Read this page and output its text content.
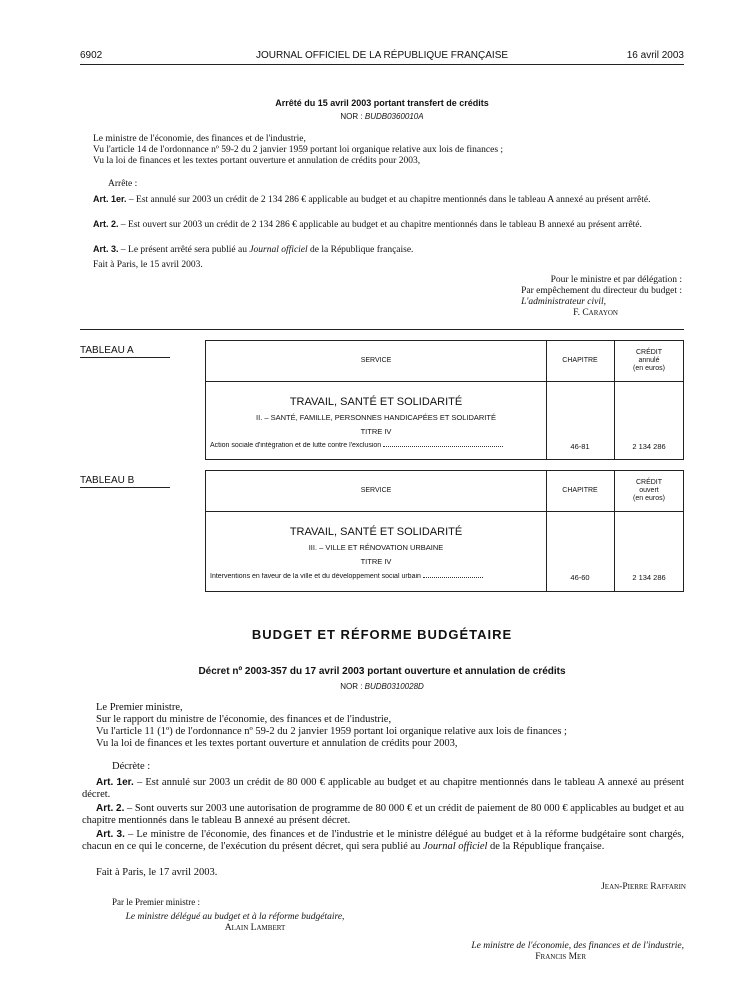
6902	JOURNAL OFFICIEL DE LA RÉPUBLIQUE FRANÇAISE	16 avril 2003
Arrêté du 15 avril 2003 portant transfert de crédits
NOR : BUDB0360010A
Le ministre de l'économie, des finances et de l'industrie,
Vu l'article 14 de l'ordonnance nº 59-2 du 2 janvier 1959 portant loi organique relative aux lois de finances ;
Vu la loi de finances et les textes portant ouverture et annulation de crédits pour 2003,
Arrête :
Art. 1er. – Est annulé sur 2003 un crédit de 2 134 286 € applicable au budget et au chapitre mentionnés dans le tableau A annexé au présent arrêté.
Art. 2. – Est ouvert sur 2003 un crédit de 2 134 286 € applicable au budget et au chapitre mentionnés dans le tableau B annexé au présent arrêté.
Art. 3. – Le présent arrêté sera publié au Journal officiel de la République française.
Fait à Paris, le 15 avril 2003.
Pour le ministre et par délégation :
Par empêchement du directeur du budget :
L'administrateur civil,
F. Carayon
TABLEAU A
SERVICE	CHAPITRE
CRÉDIT
annulé
(en euros)
TRAVAIL, SANTÉ ET SOLIDARITÉ
II. – SANTÉ, FAMILLE, PERSONNES HANDICAPÉES ET SOLIDARITÉ
TITRE IV
Action sociale d'intégration et de lutte contre l'exclusion	46-81	2 134 286
TABLEAU B
SERVICE	CHAPITRE
CRÉDIT
ouvert
(en euros)
TRAVAIL, SANTÉ ET SOLIDARITÉ
III. – VILLE ET RÉNOVATION URBAINE
TITRE IV
Interventions en faveur de la ville et du développement social urbain	46-60	2 134 286
BUDGET ET RÉFORME BUDGÉTAIRE
Décret nº 2003-357 du 17 avril 2003 portant ouverture et annulation de crédits
NOR : BUDB0310028D
Le Premier ministre,
Sur le rapport du ministre de l'économie, des finances et de l'industrie,
Vu l'article 11 (1º) de l'ordonnance nº 59-2 du 2 janvier 1959 portant loi organique relative aux lois de finances ;
Vu la loi de finances et les textes portant ouverture et annulation de crédits pour 2003,
Décrète :
Art. 1er. – Est annulé sur 2003 un crédit de 80 000 € applicable au budget et au chapitre mentionnés dans le tableau A annexé au présent décret.
Art. 2. – Sont ouverts sur 2003 une autorisation de programme de 80 000 € et un crédit de paiement de 80 000 € applicables au budget et au chapitre mentionnés dans le tableau B annexé au présent décret.
Art. 3. – Le ministre de l'économie, des finances et de l'industrie et le ministre délégué au budget et à la réforme budgétaire sont chargés, chacun en ce qui le concerne, de l'exécution du présent décret, qui sera publié au Journal officiel de la République française.
Fait à Paris, le 17 avril 2003.
Jean-Pierre Raffarin
Par le Premier ministre :
Le ministre délégué au budget et à la réforme budgétaire,
Alain Lambert
Le ministre de l'économie, des finances et de l'industrie,
Francis Mer
